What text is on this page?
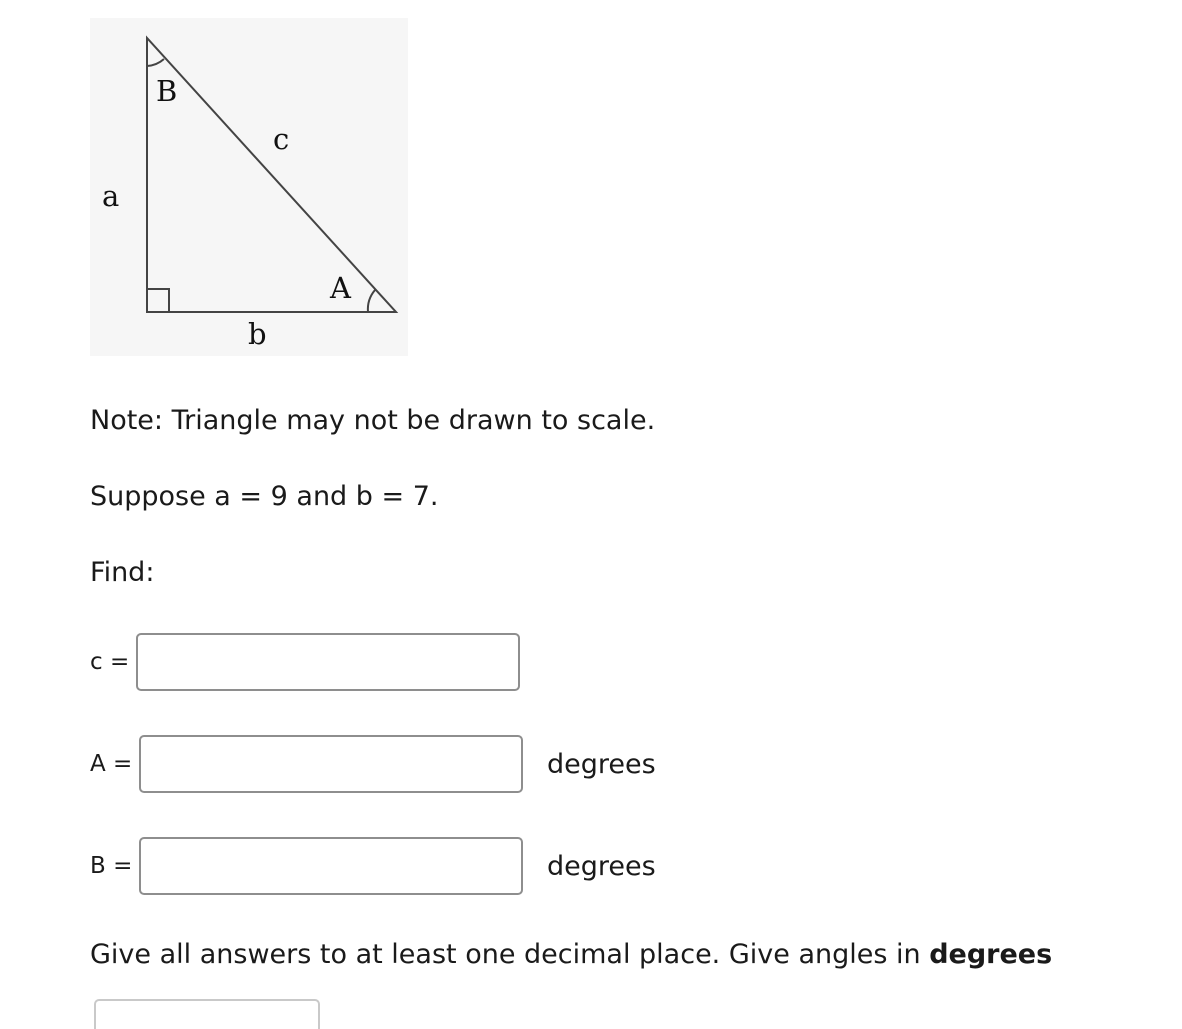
B
c
a
A
b
Note: Triangle may not be drawn to scale.
Suppose a = 9 and b = 7.
Find:
c =
A =	degrees
B =	degrees
Give all answers to at least one decimal place. Give angles in degrees
